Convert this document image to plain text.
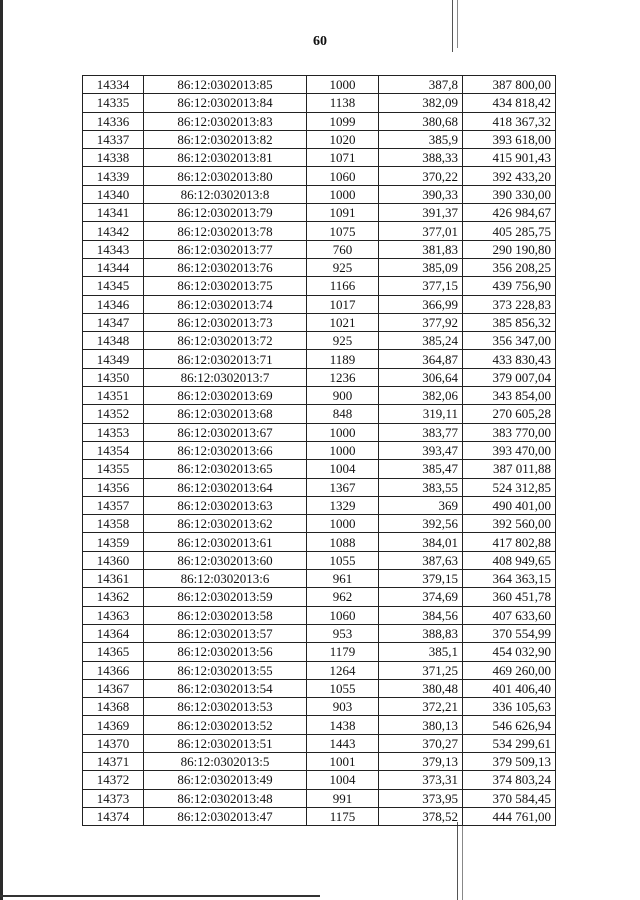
60
14334	86:12:0302013:85	1000	387,8	387 800,00
14335	86:12:0302013:84	1138	382,09	434 818,42
14336	86:12:0302013:83	1099	380,68	418 367,32
14337	86:12:0302013:82	1020	385,9	393 618,00
14338	86:12:0302013:81	1071	388,33	415 901,43
14339	86:12:0302013:80	1060	370,22	392 433,20
14340	86:12:0302013:8	1000	390,33	390 330,00
14341	86:12:0302013:79	1091	391,37	426 984,67
14342	86:12:0302013:78	1075	377,01	405 285,75
14343	86:12:0302013:77	760	381,83	290 190,80
14344	86:12:0302013:76	925	385,09	356 208,25
14345	86:12:0302013:75	1166	377,15	439 756,90
14346	86:12:0302013:74	1017	366,99	373 228,83
14347	86:12:0302013:73	1021	377,92	385 856,32
14348	86:12:0302013:72	925	385,24	356 347,00
14349	86:12:0302013:71	1189	364,87	433 830,43
14350	86:12:0302013:7	1236	306,64	379 007,04
14351	86:12:0302013:69	900	382,06	343 854,00
14352	86:12:0302013:68	848	319,11	270 605,28
14353	86:12:0302013:67	1000	383,77	383 770,00
14354	86:12:0302013:66	1000	393,47	393 470,00
14355	86:12:0302013:65	1004	385,47	387 011,88
14356	86:12:0302013:64	1367	383,55	524 312,85
14357	86:12:0302013:63	1329	369	490 401,00
14358	86:12:0302013:62	1000	392,56	392 560,00
14359	86:12:0302013:61	1088	384,01	417 802,88
14360	86:12:0302013:60	1055	387,63	408 949,65
14361	86:12:0302013:6	961	379,15	364 363,15
14362	86:12:0302013:59	962	374,69	360 451,78
14363	86:12:0302013:58	1060	384,56	407 633,60
14364	86:12:0302013:57	953	388,83	370 554,99
14365	86:12:0302013:56	1179	385,1	454 032,90
14366	86:12:0302013:55	1264	371,25	469 260,00
14367	86:12:0302013:54	1055	380,48	401 406,40
14368	86:12:0302013:53	903	372,21	336 105,63
14369	86:12:0302013:52	1438	380,13	546 626,94
14370	86:12:0302013:51	1443	370,27	534 299,61
14371	86:12:0302013:5	1001	379,13	379 509,13
14372	86:12:0302013:49	1004	373,31	374 803,24
14373	86:12:0302013:48	991	373,95	370 584,45
14374	86:12:0302013:47	1175	378,52	444 761,00
